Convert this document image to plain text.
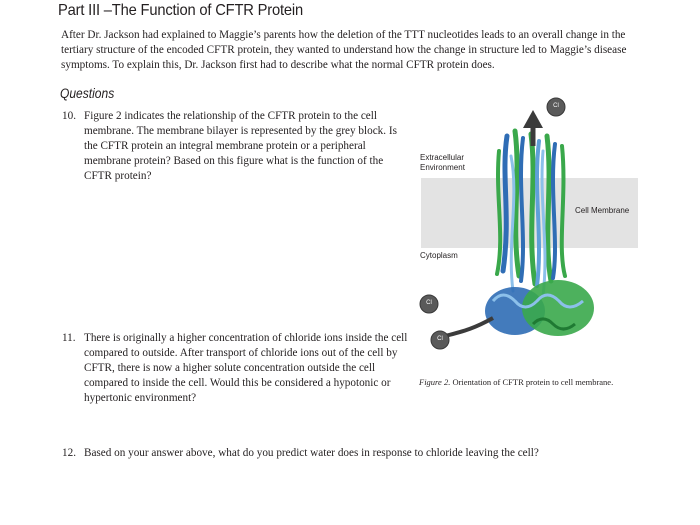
Part III –The Function of CFTR Protein
After Dr. Jackson had explained to Maggie’s parents how the deletion of the TTT nucleotides leads to an overall change in the tertiary structure of the encoded CFTR protein, they wanted to understand how the change in structure led to Maggie’s disease symptoms. To explain this, Dr. Jackson first had to describe what the normal CFTR protein does.
Questions
10. Figure 2 indicates the relationship of the CFTR protein to the cell membrane. The membrane bilayer is represented by the grey block. Is the CFTR protein an integral membrane protein or a peripheral membrane protein? Based on this figure what is the function of the CFTR protein?
11. There is originally a higher concentration of chloride ions inside the cell compared to outside. After transport of chloride ions out of the cell by CFTR, there is now a higher solute concentration outside the cell compared to inside the cell. Would this be considered a hypotonic or hypertonic environment?
12. Based on your answer above, what do you predict water does in response to chloride leaving the cell?
Extracellular Environment
Cell Membrane
Cytoplasm
Cl
Cl
Cl
Figure 2. Orientation of CFTR protein to cell membrane.
